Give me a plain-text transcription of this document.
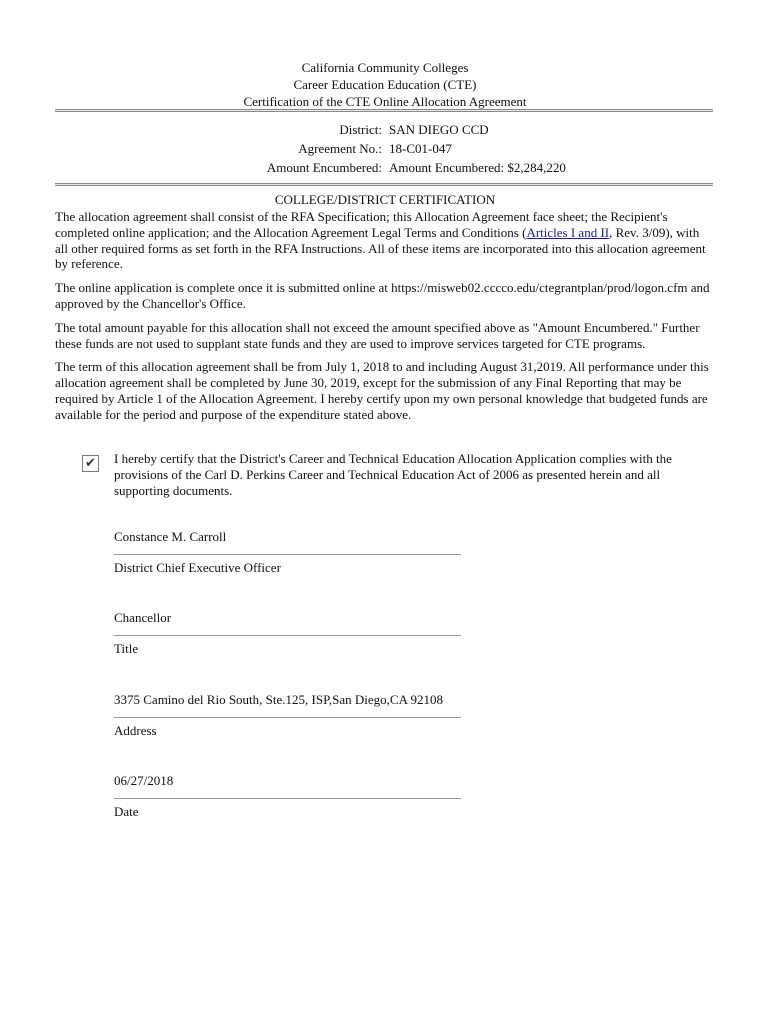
California Community Colleges
Career Education Education (CTE)
Certification of the CTE Online Allocation Agreement
District: SAN DIEGO CCD
Agreement No.: 18-C01-047
Amount Encumbered: Amount Encumbered: $2,284,220
COLLEGE/DISTRICT CERTIFICATION

The allocation agreement shall consist of the RFA Specification; this Allocation Agreement face sheet; the Recipient's completed online application; and the Allocation Agreement Legal Terms and Conditions (Articles I and II, Rev. 3/09), with all other required forms as set forth in the RFA Instructions. All of these items are incorporated into this allocation agreement by reference.

The online application is complete once it is submitted online at https://misweb02.cccco.edu/ctegrantplan/prod/logon.cfm and approved by the Chancellor's Office.

The total amount payable for this allocation shall not exceed the amount specified above as "Amount Encumbered." Further these funds are not used to supplant state funds and they are used to improve services targeted for CTE programs.

The term of this allocation agreement shall be from July 1, 2018 to and including August 31,2019. All performance under this allocation agreement shall be completed by June 30, 2019, except for the submission of any Final Reporting that may be required by Article 1 of the Allocation Agreement. I hereby certify upon my own personal knowledge that budgeted funds are available for the period and purpose of the expenditure stated above.

✔ I hereby certify that the District's Career and Technical Education Allocation Application complies with the provisions of the Carl D. Perkins Career and Technical Education Act of 2006 as presented herein and all supporting documents.
Constance M. Carroll
District Chief Executive Officer
Chancellor
Title
3375 Camino del Rio South, Ste.125, ISP,San Diego,CA 92108
Address
06/27/2018
Date
